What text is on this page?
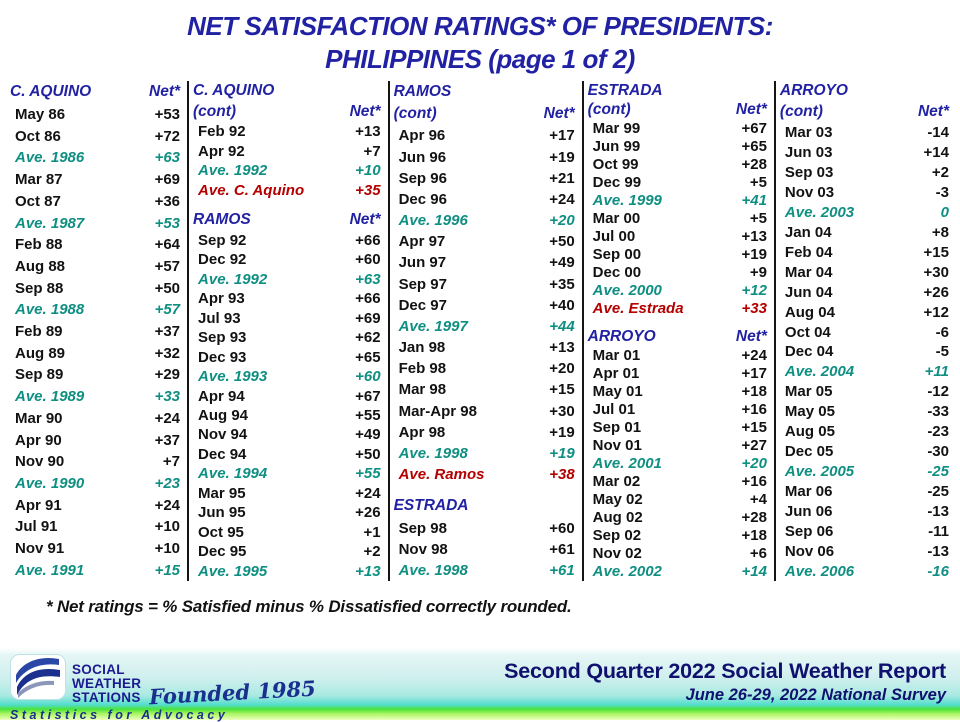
NET SATISFACTION RATINGS* OF PRESIDENTS:
PHILIPPINES (page 1 of 2)
C. AQUINO	Net*
May 86	+53
Oct 86	+72
Ave. 1986	+63
Mar 87	+69
Oct 87	+36
Ave. 1987	+53
Feb 88	+64
Aug 88	+57
Sep 88	+50
Ave. 1988	+57
Feb 89	+37
Aug 89	+32
Sep 89	+29
Ave. 1989	+33
Mar 90	+24
Apr 90	+37
Nov 90	+7
Ave. 1990	+23
Apr 91	+24
Jul 91	+10
Nov 91	+10
Ave. 1991	+15
C. AQUINO
(cont)	Net*
Feb 92	+13
Apr 92	+7
Ave. 1992	+10
Ave. C. Aquino	+35
RAMOS	Net*
Sep 92	+66
Dec 92	+60
Ave. 1992	+63
Apr 93	+66
Jul 93	+69
Sep 93	+62
Dec 93	+65
Ave. 1993	+60
Apr 94	+67
Aug 94	+55
Nov 94	+49
Dec 94	+50
Ave. 1994	+55
Mar 95	+24
Jun 95	+26
Oct 95	+1
Dec 95	+2
Ave. 1995	+13
RAMOS
(cont)	Net*
Apr 96	+17
Jun 96	+19
Sep 96	+21
Dec 96	+24
Ave. 1996	+20
Apr 97	+50
Jun 97	+49
Sep 97	+35
Dec 97	+40
Ave. 1997	+44
Jan 98	+13
Feb 98	+20
Mar 98	+15
Mar-Apr 98	+30
Apr 98	+19
Ave. 1998	+19
Ave. Ramos	+38
ESTRADA
Sep 98	+60
Nov 98	+61
Ave. 1998	+61
ESTRADA
(cont)	Net*
Mar 99	+67
Jun 99	+65
Oct 99	+28
Dec 99	+5
Ave. 1999	+41
Mar 00	+5
Jul 00	+13
Sep 00	+19
Dec 00	+9
Ave. 2000	+12
Ave. Estrada	+33
ARROYO	Net*
Mar 01	+24
Apr 01	+17
May 01	+18
Jul 01	+16
Sep 01	+15
Nov 01	+27
Ave. 2001	+20
Mar 02	+16
May 02	+4
Aug 02	+28
Sep 02	+18
Nov 02	+6
Ave. 2002	+14
ARROYO
(cont)	Net*
Mar 03	-14
Jun 03	+14
Sep 03	+2
Nov 03	-3
Ave. 2003	0
Jan 04	+8
Feb 04	+15
Mar 04	+30
Jun 04	+26
Aug 04	+12
Oct 04	-6
Dec 04	-5
Ave. 2004	+11
Mar 05	-12
May 05	-33
Aug 05	-23
Dec 05	-30
Ave. 2005	-25
Mar 06	-25
Jun 06	-13
Sep 06	-11
Nov 06	-13
Ave. 2006	-16
* Net ratings = % Satisfied minus % Dissatisfied correctly rounded.
SOCIAL
WEATHER
STATIONS Founded 1985
Statistics for Advocacy
Second Quarter 2022 Social Weather Report
June 26-29, 2022 National Survey
